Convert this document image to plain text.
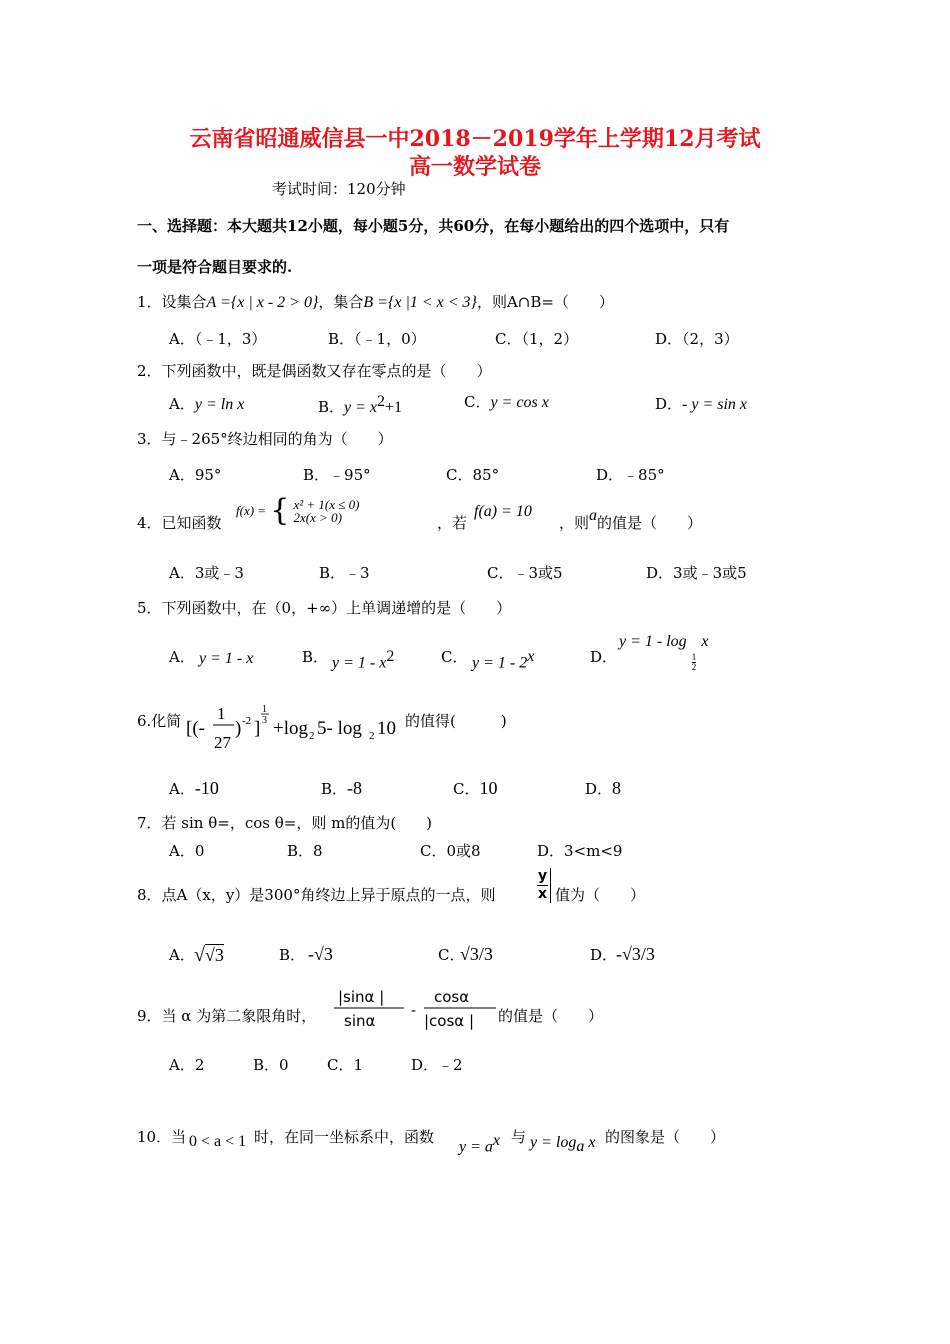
云南省昭通威信县一中2018－2019学年上学期12月考试
高一数学试卷
考试时间：120分钟
一、选择题：本大题共12小题，每小题5分，共60分，在每小题给出的四个选项中，只有
一项是符合题目要求的.
1．设集合A ={x | x - 2 > 0}，集合B ={x |1 < x < 3}，则A∩B=（　　）
A．（﹣1，3）	B．（﹣1，0）	C．（1，2）	D．（2，3）
2．下列函数中，既是偶函数又存在零点的是（　　）
A．y = ln x	B．$y = x^2+1$	C．y = cos x	D．- y = sin x
3．与﹣265°终边相同的角为（　　）
A．95°	B．﹣95°	C．85°	D．﹣85°
4．已知函数
f(x) = { x² + 1(x ≤ 0)
2x(x > 0)	，若
f(a) = 10
，则a的值是（　　）
A．3或﹣3	B．﹣3	C．﹣3或5	D．3或﹣3或5
5．下列函数中，在（0，+∞）上单调递增的是（　　）
A． y = 1 - x	B． $y = 1 - x^2$	C． y = 1 - 2$^x$	D．
y = 1 - log
$\frac{1}{2}$
x
6.化简 [(-
1
27
) -2 ]
1
3 +log 2 5- log 2 10 的值得(　　　)
A．-10	B．-8	C．10	D．8
7．若 sin θ=，cos θ=，则 m的值为(　　)
A．0	B．8	C．0或8	D．3<m<9
8．点A（x，y）是300°角终边上异于原点的一点，则	$\frac{y}{x}$ 值为（　　）
A． √√3	B． -√3	C．
√3/3	D．
-√3/3
9．当 α 为第二象限角时，
|sinα |
sinα
-
cosα
|cosα | 的值是（　　）
A．2	B．0	C．1	D．﹣2
10．当 0 < a < 1 时，在同一坐标系中，函数
$y = a^x$ 与 $y = \log_a x$ 的图象是（　　）
